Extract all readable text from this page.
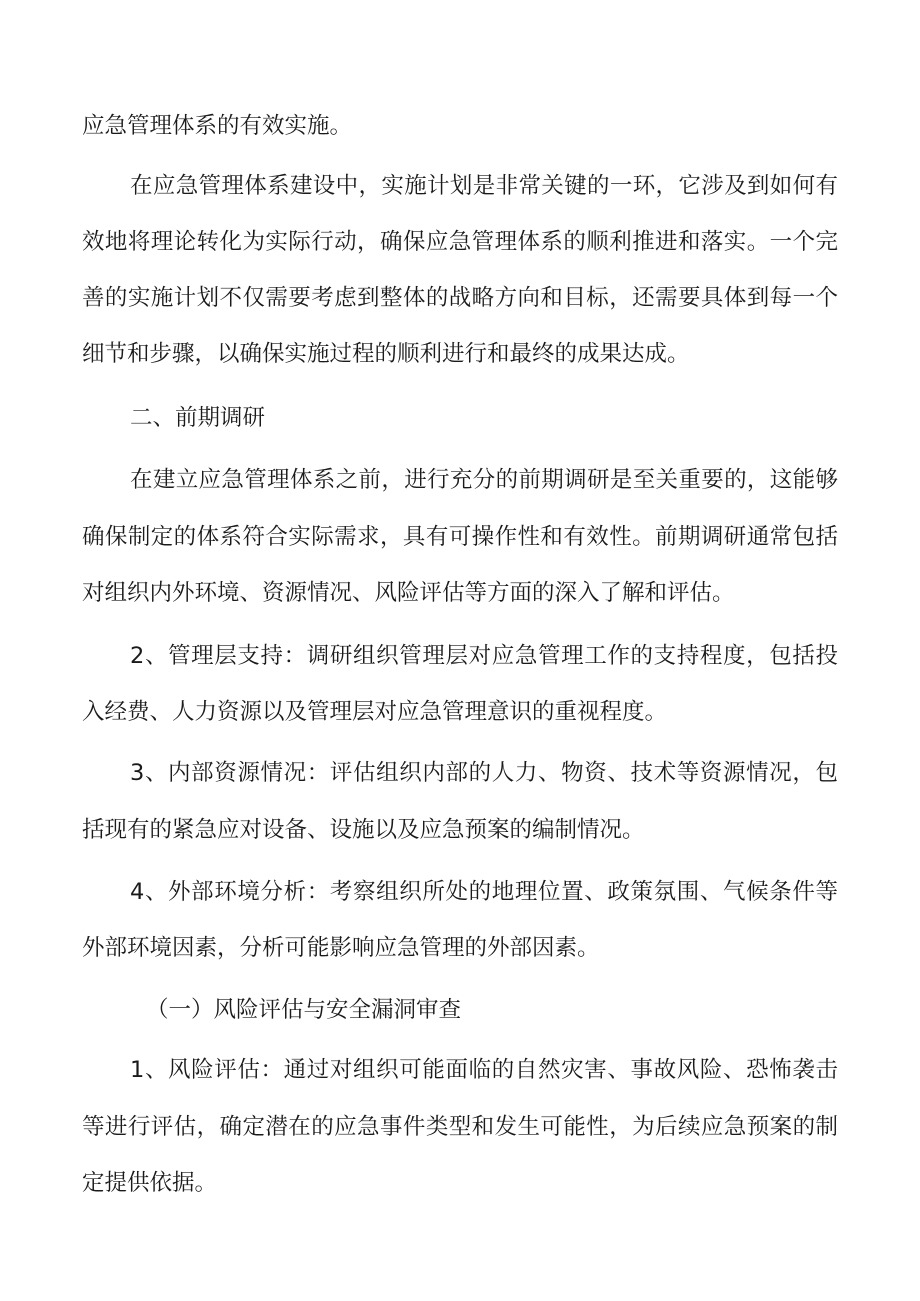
应急管理体系的有效实施。
在应急管理体系建设中，实施计划是非常关键的一环，它涉及到如何有
效地将理论转化为实际行动，确保应急管理体系的顺利推进和落实。一个完
善的实施计划不仅需要考虑到整体的战略方向和目标，还需要具体到每一个
细节和步骤，以确保实施过程的顺利进行和最终的成果达成。
二、前期调研
在建立应急管理体系之前，进行充分的前期调研是至关重要的，这能够
确保制定的体系符合实际需求，具有可操作性和有效性。前期调研通常包括
对组织内外环境、资源情况、风险评估等方面的深入了解和评估。
2、管理层支持：调研组织管理层对应急管理工作的支持程度，包括投
入经费、人力资源以及管理层对应急管理意识的重视程度。
3、内部资源情况：评估组织内部的人力、物资、技术等资源情况，包
括现有的紧急应对设备、设施以及应急预案的编制情况。
4、外部环境分析：考察组织所处的地理位置、政策氛围、气候条件等
外部环境因素，分析可能影响应急管理的外部因素。
（一）风险评估与安全漏洞审查
1、风险评估：通过对组织可能面临的自然灾害、事故风险、恐怖袭击
等进行评估，确定潜在的应急事件类型和发生可能性，为后续应急预案的制
定提供依据。
